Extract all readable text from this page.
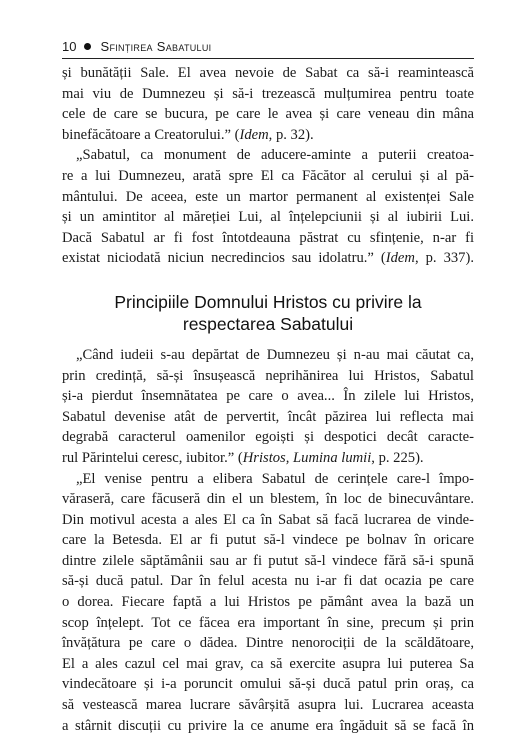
10 Sfințirea Sabatului

și bunătății Sale. El avea nevoie de Sabat ca să-i reamintească
mai viu de Dumnezeu și să-i trezească mulțumirea pentru toate
cele de care se bucura, pe care le avea și care veneau din mâna
binefăcătoare a Creatorului.” (Idem, p. 32).

„Sabatul, ca monument de aducere-aminte a puterii creatoa-
re a lui Dumnezeu, arată spre El ca Făcător al cerului și al pă-
mântului. De aceea, este un martor permanent al existenței Sale
și un amintitor al măreției Lui, al înțelepciunii și al iubirii Lui.
Dacă Sabatul ar fi fost întotdeauna păstrat cu sfințenie, n-ar fi
existat niciodată niciun necredincios sau idolatru.” (Idem, p. 337).

Principiile Domnului Hristos cu privire la
respectarea Sabatului

„Când iudeii s-au depărtat de Dumnezeu și n-au mai căutat ca,
prin credință, să-și însușească neprihănirea lui Hristos, Sabatul
și-a pierdut însemnătatea pe care o avea... În zilele lui Hristos,
Sabatul devenise atât de pervertit, încât păzirea lui reflecta mai
degrabă caracterul oamenilor egoiști și despotici decât caracte-
rul Părintelui ceresc, iubitor.” (Hristos, Lumina lumii, p. 225).

„El venise pentru a elibera Sabatul de cerințele care-l împo-
văraseră, care făcuseră din el un blestem, în loc de binecuvântare.
Din motivul acesta a ales El ca în Sabat să facă lucrarea de vinde-
care la Betesda. El ar fi putut să-l vindece pe bolnav în oricare
dintre zilele săptămânii sau ar fi putut să-l vindece fără să-i spună
să-și ducă patul. Dar în felul acesta nu i-ar fi dat ocazia pe care
o dorea. Fiecare faptă a lui Hristos pe pământ avea la bază un
scop înțelept. Tot ce făcea era important în sine, precum și prin
învățătura pe care o dădea. Dintre nenorociții de la scăldătoare,
El a ales cazul cel mai grav, ca să exercite asupra lui puterea Sa
vindecătoare și i-a poruncit omului să-și ducă patul prin oraș, ca
să vestească marea lucrare săvârșită asupra lui. Lucrarea aceasta
a stârnit discuții cu privire la ce anume era îngăduit să se facă în
